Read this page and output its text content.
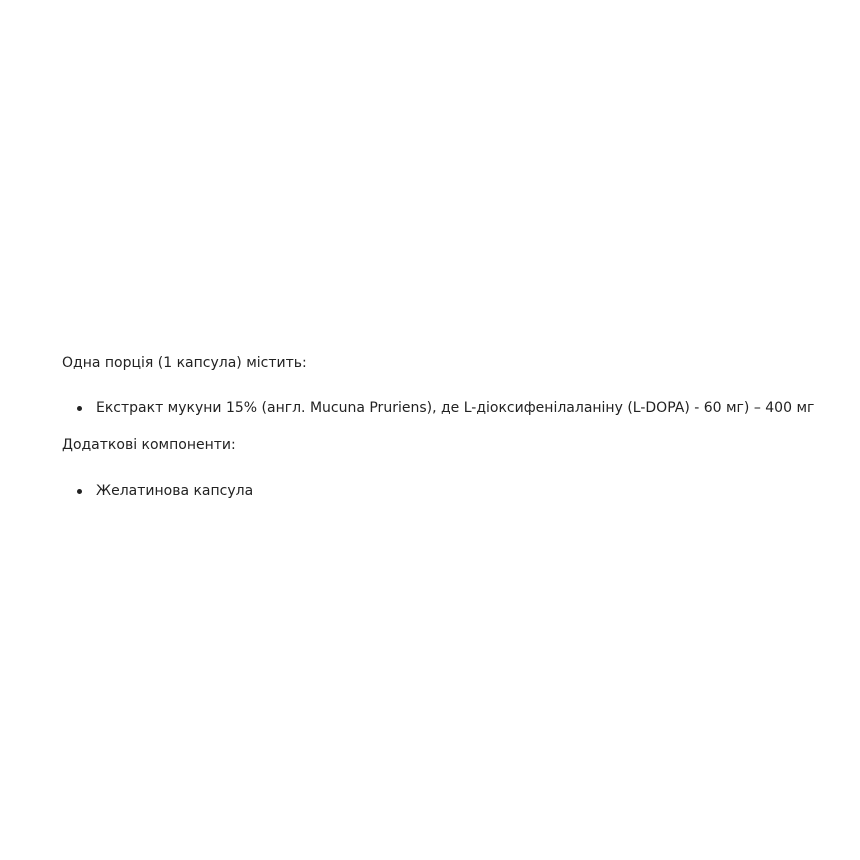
Одна порція (1 капсула) містить:

Екстракт мукуни 15% (англ. Mucuna Pruriens), де L-діоксифенілаланіну (L-DOPA) - 60 мг) – 400 мг

Додаткові компоненти:

Желатинова капсула
